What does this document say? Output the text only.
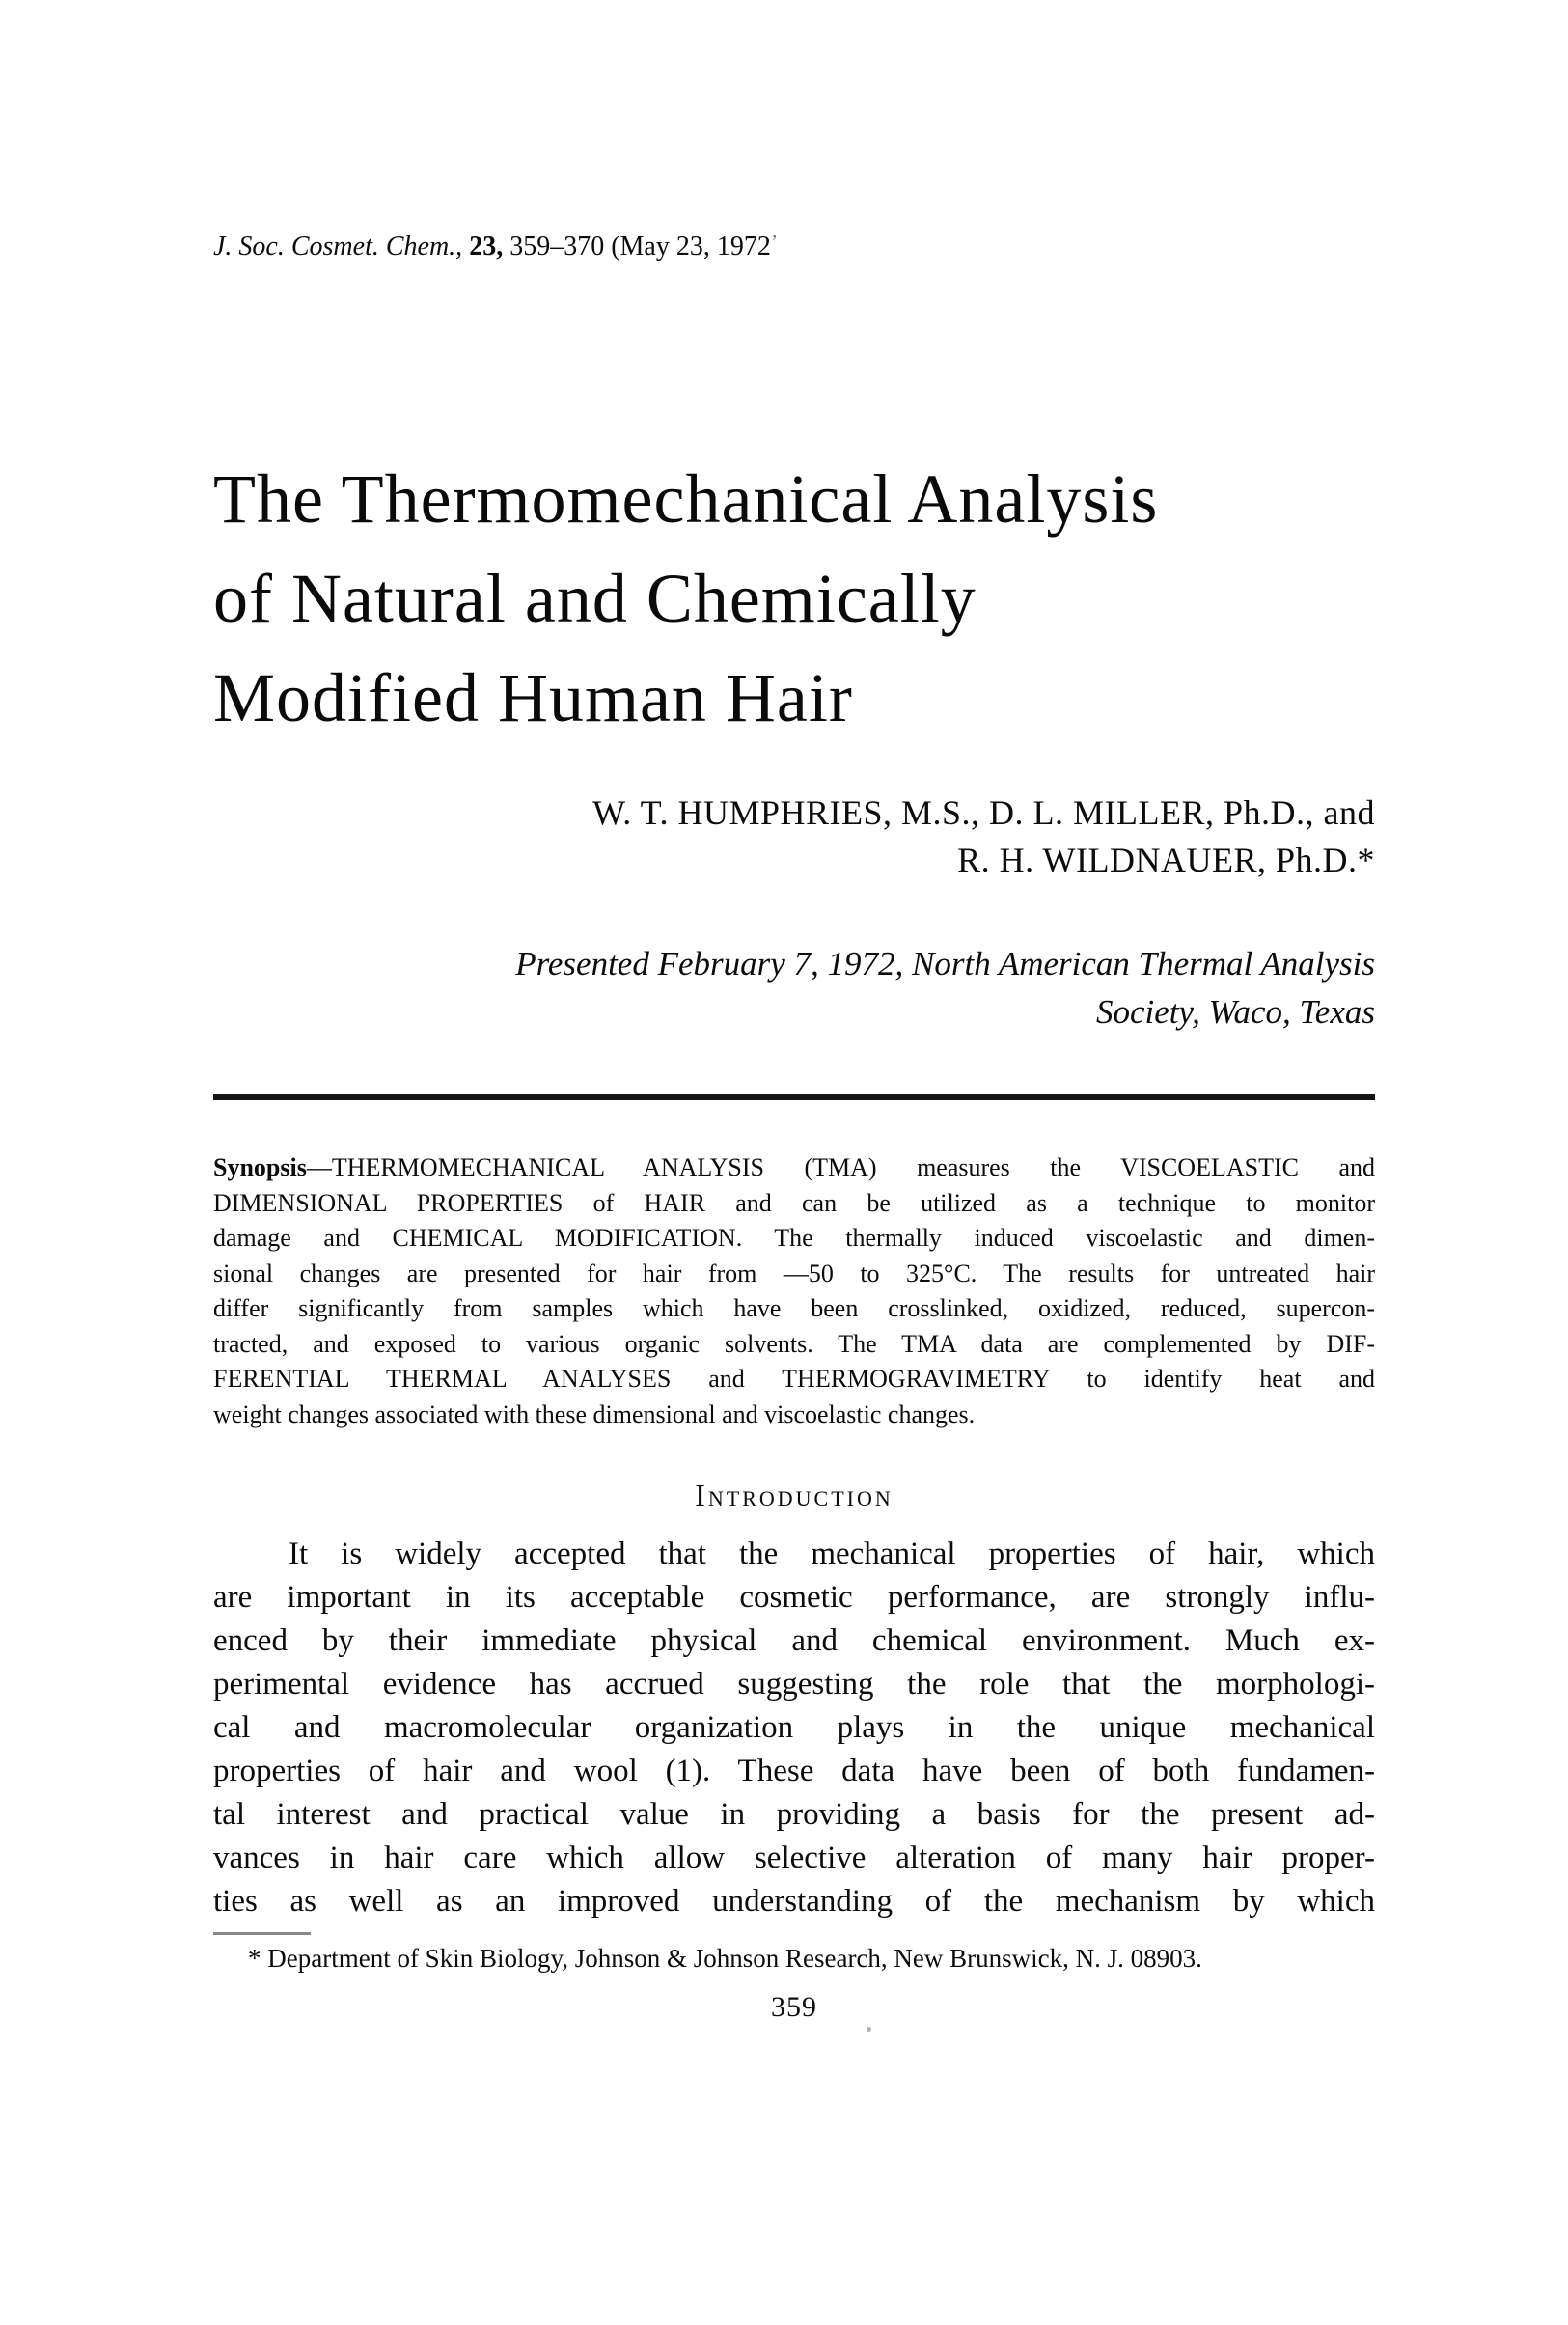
J. Soc. Cosmet. Chem., 23, 359–370 (May 23, 1972’
The Thermomechanical Analysis
of Natural and Chemically
Modified Human Hair
W. T. HUMPHRIES, M.S., D. L. MILLER, Ph.D., and
R. H. WILDNAUER, Ph.D.*
Presented February 7, 1972, North American Thermal Analysis
Society, Waco, Texas
Synopsis—THERMOMECHANICAL ANALYSIS (TMA) measures the VISCOELASTIC and
DIMENSIONAL PROPERTIES of HAIR and can be utilized as a technique to monitor
damage and CHEMICAL MODIFICATION. The thermally induced viscoelastic and dimen-
sional changes are presented for hair from —50 to 325°C. The results for untreated hair
differ significantly from samples which have been crosslinked, oxidized, reduced, supercon-
tracted, and exposed to various organic solvents. The TMA data are complemented by DIF-
FERENTIAL THERMAL ANALYSES and THERMOGRAVIMETRY to identify heat and
weight changes associated with these dimensional and viscoelastic changes.
Introduction
It is widely accepted that the mechanical properties of hair, which
are important in its acceptable cosmetic performance, are strongly influ-
enced by their immediate physical and chemical environment. Much ex-
perimental evidence has accrued suggesting the role that the morphologi-
cal and macromolecular organization plays in the unique mechanical
properties of hair and wool (1). These data have been of both fundamen-
tal interest and practical value in providing a basis for the present ad-
vances in hair care which allow selective alteration of many hair proper-
ties as well as an improved understanding of the mechanism by which
* Department of Skin Biology, Johnson & Johnson Research, New Brunswick, N. J. 08903.
359
